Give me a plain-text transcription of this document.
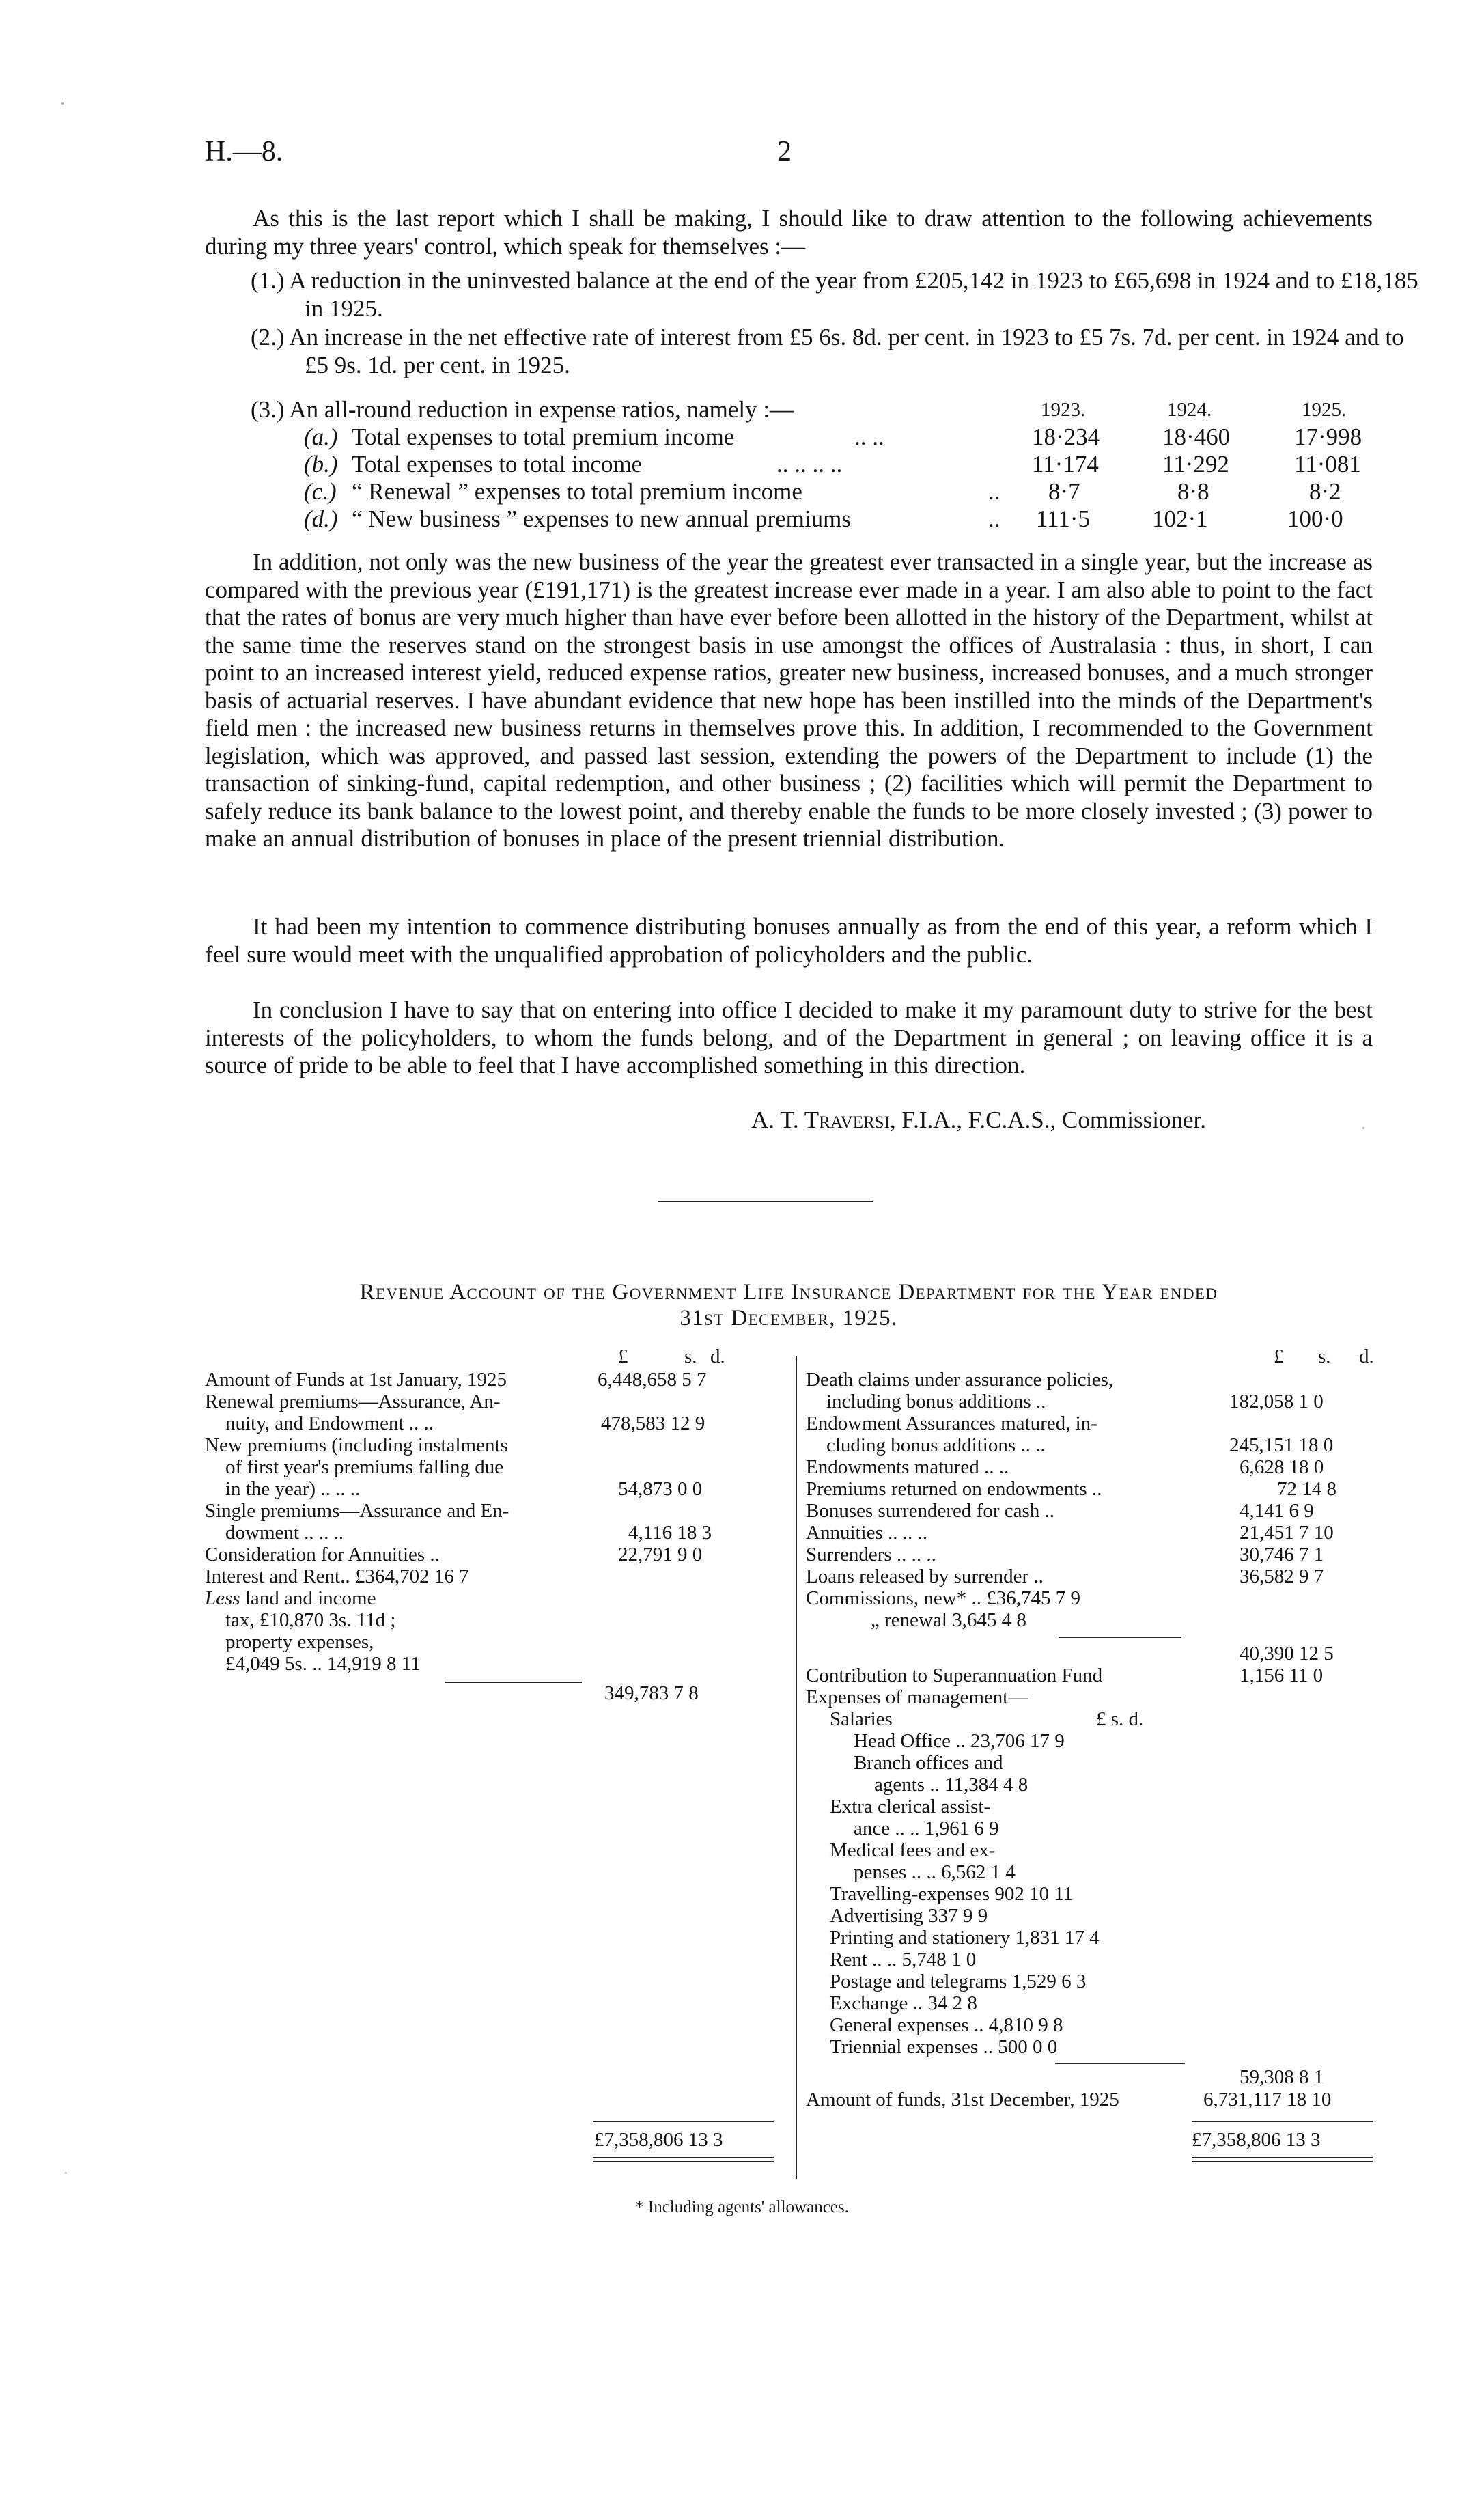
H.—8.	2

As this is the last report which I shall be making, I should like to draw attention to the following achievements during my three years' control, which speak for themselves :—

(1.) A reduction in the uninvested balance at the end of the year from £205,142 in 1923 to £65,698 in 1924 and to £18,185 in 1925.

(2.) An increase in the net effective rate of interest from £5 6s. 8d. per cent. in 1923 to £5 7s. 7d. per cent. in 1924 and to £5 9s. 1d. per cent. in 1925.

(3.) An all-round reduction in expense ratios, namely :—	1923.	1924.	1925.
(a.) Total expenses to total premium income	.. ..	18·234	18·460	17·998
(b.) Total expenses to total income	.. .. .. ..	11·174	11·292	11·081
(c.) “ Renewal ” expenses to total premium income	.. 8·7	8·8	8·2
(d.) “ New business ” expenses to new annual premiums	.. 111·5	102·1	100·0

In addition, not only was the new business of the year the greatest ever transacted in a single year, but the increase as compared with the previous year (£191,171) is the greatest increase ever made in a year. I am also able to point to the fact that the rates of bonus are very much higher than have ever before been allotted in the history of the Department, whilst at the same time the reserves stand on the strongest basis in use amongst the offices of Australasia : thus, in short, I can point to an increased interest yield, reduced expense ratios, greater new business, increased bonuses, and a much stronger basis of actuarial reserves. I have abundant evidence that new hope has been instilled into the minds of the Department's field men : the increased new business returns in themselves prove this. In addition, I recommended to the Government legislation, which was approved, and passed last session, extending the powers of the Department to include (1) the transaction of sinking-fund, capital redemption, and other business ; (2) facilities which will permit the Department to safely reduce its bank balance to the lowest point, and thereby enable the funds to be more closely invested ; (3) power to make an annual distribution of bonuses in place of the present triennial distribution.

It had been my intention to commence distributing bonuses annually as from the end of this year, a reform which I feel sure would meet with the unqualified approbation of policyholders and the public.

In conclusion I have to say that on entering into office I decided to make it my paramount duty to strive for the best interests of the policyholders, to whom the funds belong, and of the Department in general ; on leaving office it is a source of pride to be able to feel that I have accomplished something in this direction.

A. T. Traversi, F.I.A., F.C.A.S., Commissioner.
Revenue Account of the Government Life Insurance Department for the Year ended
31st December, 1925.
£	s. d.	£ s. d.
Amount of Funds at 1st January, 1925	6,448,658 5 7
Renewal premiums—Assurance, An-
nuity, and Endowment .. ..	478,583 12 9
New premiums (including instalments
of first year's premiums falling due
in the year) .. .. ..	54,873 0 0
Single premiums—Assurance and En-
dowment .. .. ..	4,116 18 3
Consideration for Annuities ..	22,791 9 0
Interest and Rent.. £364,702 16 7
Less land and income
tax, £10,870 3s. 11d ;
property expenses,
£4,049 5s. .. 14,919 8 11
349,783 7 8
£7,358,806 13 3
Death claims under assurance policies,
including bonus additions ..	182,058 1 0
Endowment Assurances matured, in-
cluding bonus additions .. ..	245,151 18 0
Endowments matured .. ..	6,628 18 0
Premiums returned on endowments ..	72 14 8
Bonuses surrendered for cash ..	4,141 6 9
Annuities .. .. ..	21,451 7 10
Surrenders .. .. ..	30,746 7 1
Loans released by surrender ..	36,582 9 7
Commissions, new* .. £36,745 7 9
„ renewal 3,645 4 8
40,390 12 5
Contribution to Superannuation Fund	1,156 11 0
Expenses of management—
£ s. d.
Salaries
Head Office .. 23,706 17 9
Branch offices and
agents .. 11,384 4 8
Extra clerical assist-
ance .. .. 1,961 6 9
Medical fees and ex-
penses .. .. 6,562 1 4
Travelling-expenses 902 10 11
Advertising 337 9 9
Printing and stationery 1,831 17 4
Rent .. .. 5,748 1 0
Postage and telegrams 1,529 6 3
Exchange .. 34 2 8
General expenses .. 4,810 9 8
Triennial expenses .. 500 0 0
59,308 8 1
Amount of funds, 31st December, 1925	6,731,117 18 10
£7,358,806 13 3
* Including agents' allowances.
